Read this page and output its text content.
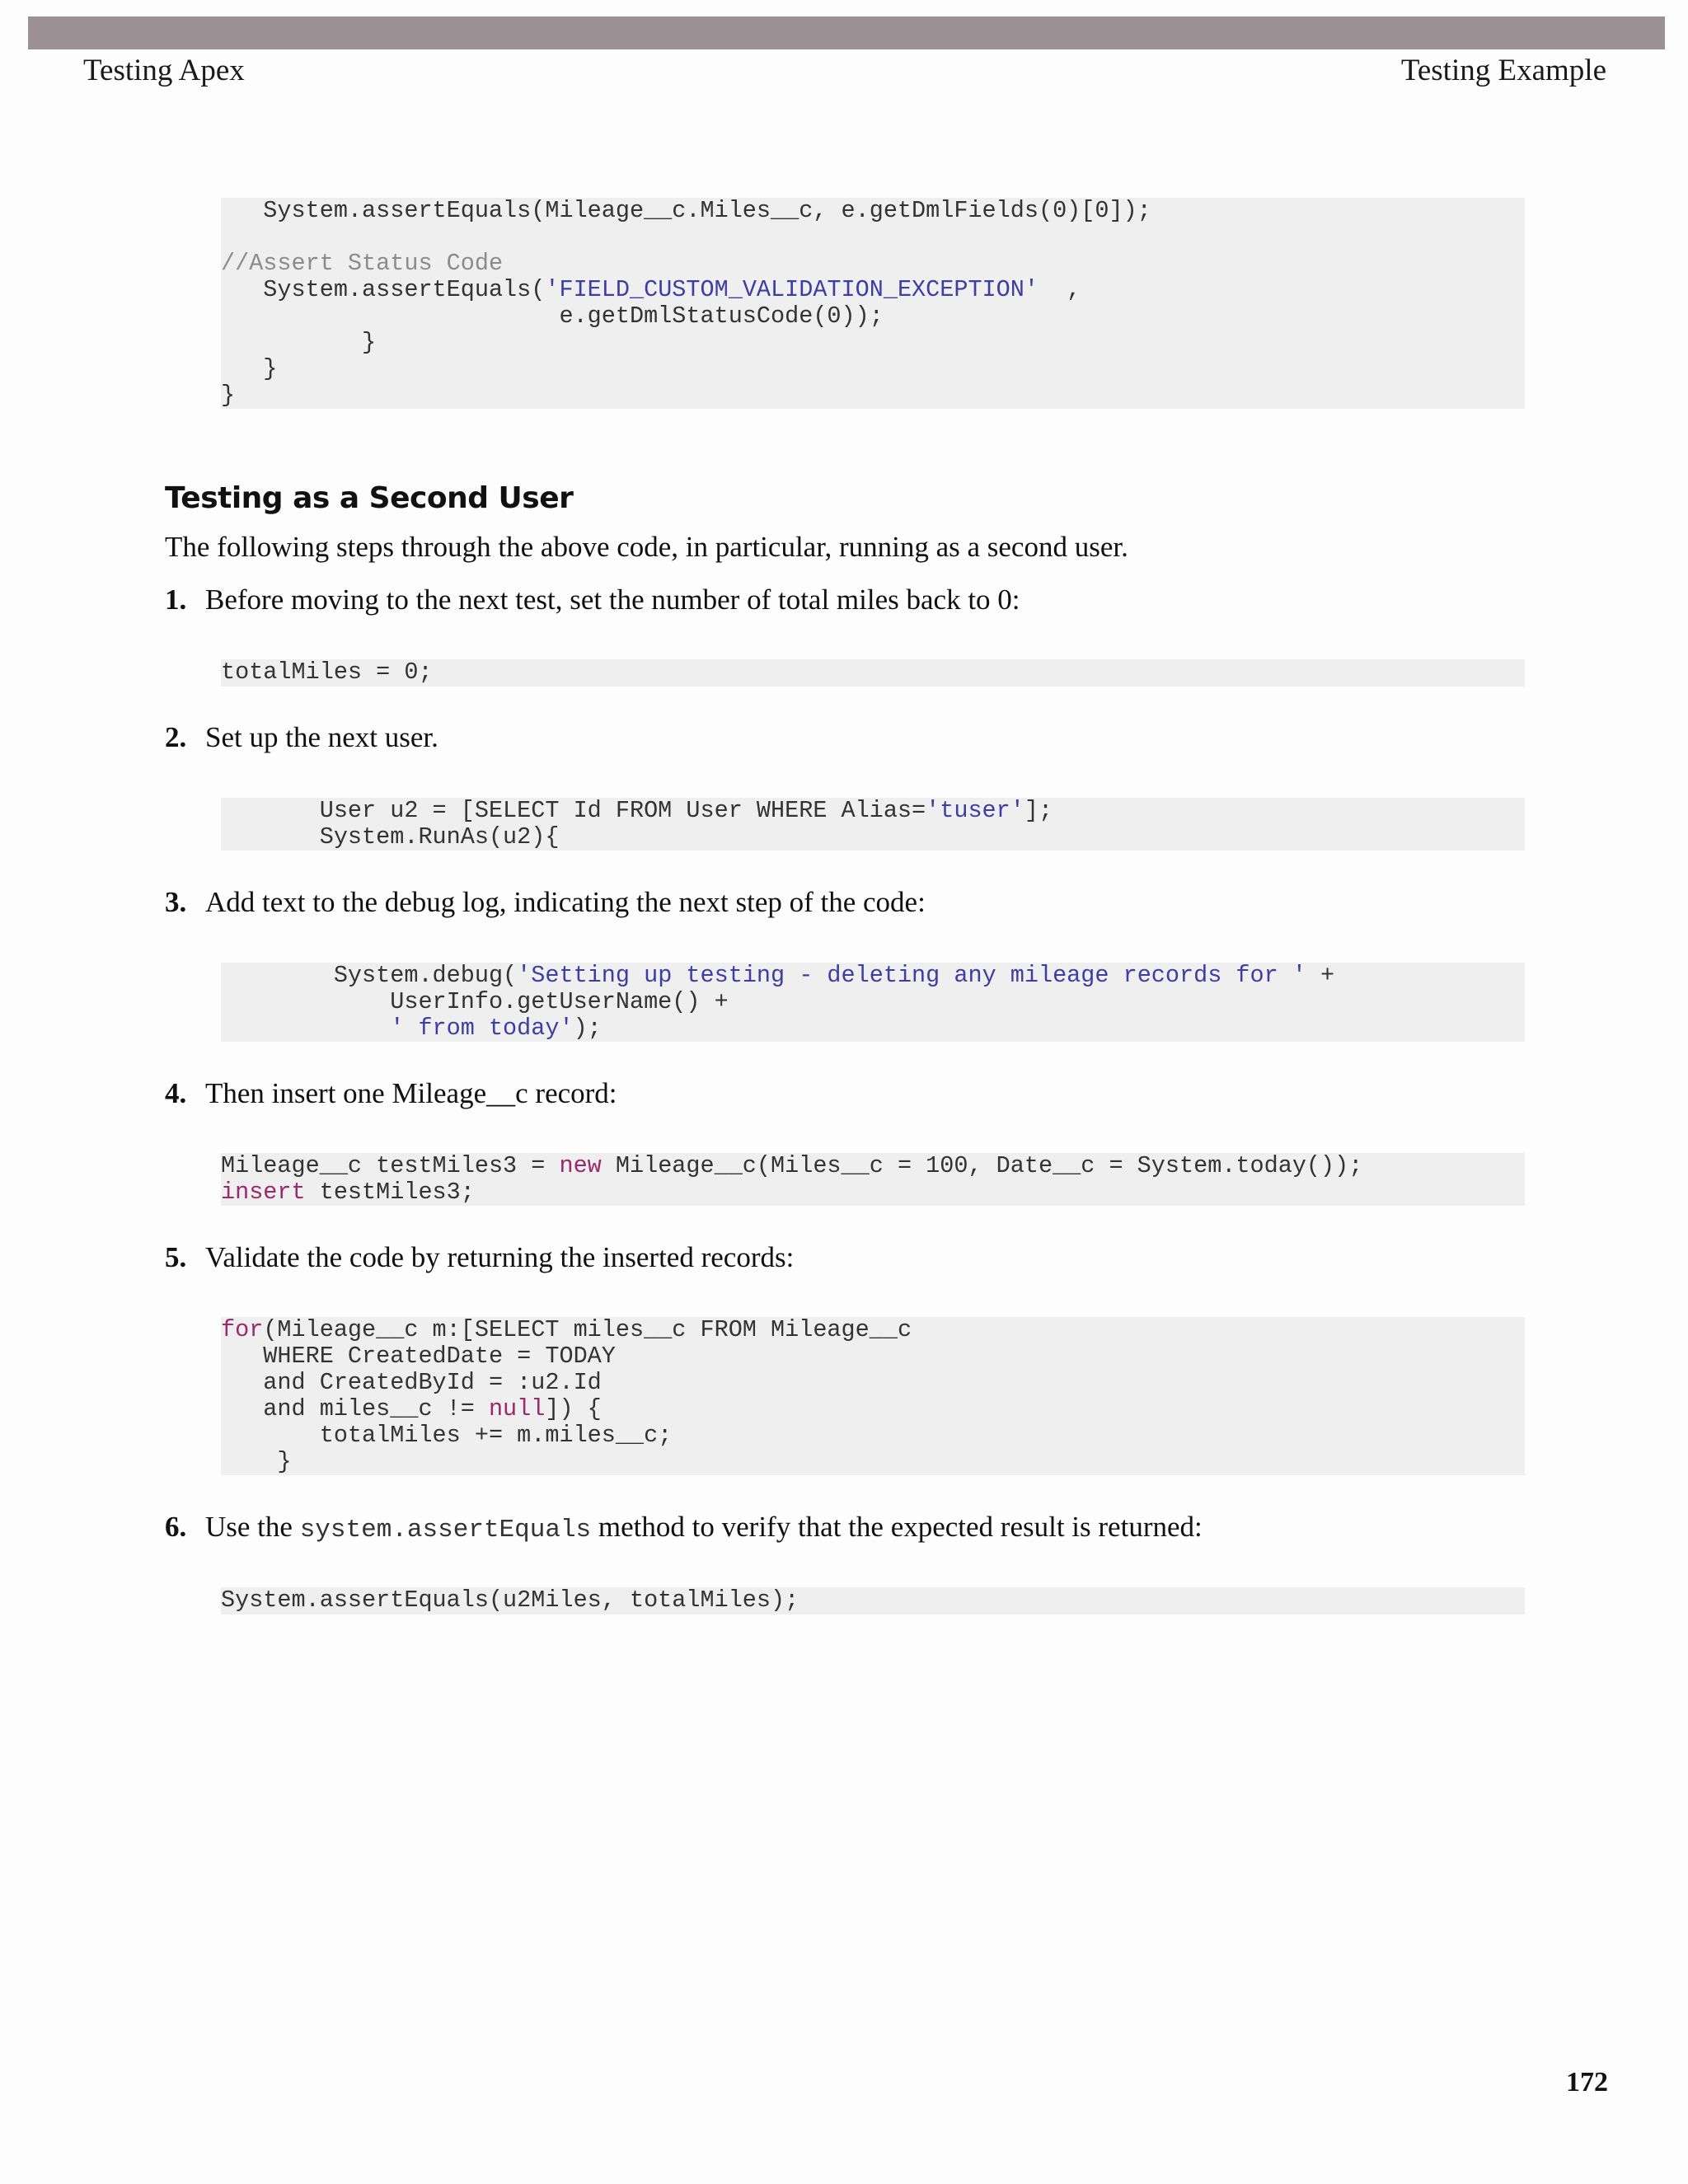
Testing Apex	Testing Example
System.assertEquals(Mileage__c.Miles__c, e.getDmlFields(0)[0]);
//Assert Status Code
System.assertEquals('FIELD_CUSTOM_VALIDATION_EXCEPTION'  ,
e.getDmlStatusCode(0));
}
}
}
Testing as a Second User
The following steps through the above code, in particular, running as a second user.
1. Before moving to the next test, set the number of total miles back to 0:
totalMiles = 0;
2. Set up the next user.
User u2 = [SELECT Id FROM User WHERE Alias='tuser'];
System.RunAs(u2){
3. Add text to the debug log, indicating the next step of the code:
System.debug('Setting up testing - deleting any mileage records for ' +
UserInfo.getUserName() +
' from today');
4. Then insert one Mileage__c record:
Mileage__c testMiles3 = new Mileage__c(Miles__c = 100, Date__c = System.today());
insert testMiles3;
5. Validate the code by returning the inserted records:
for(Mileage__c m:[SELECT miles__c FROM Mileage__c
WHERE CreatedDate = TODAY
and CreatedById = :u2.Id
and miles__c != null]) {
totalMiles += m.miles__c;
}
6. Use the system.assertEquals method to verify that the expected result is returned:
System.assertEquals(u2Miles, totalMiles);
172
